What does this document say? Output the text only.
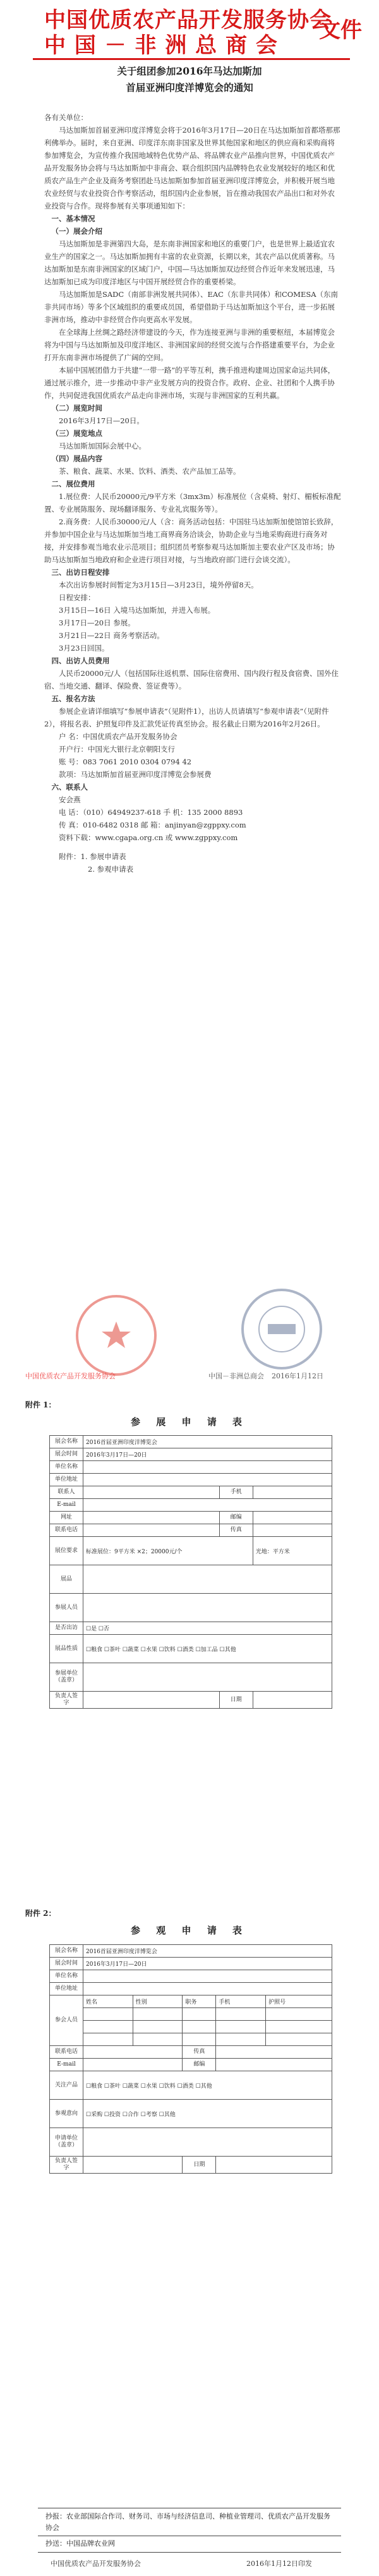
中国优质农产品开发服务协会
中 国 － 非 洲 总 商 会
文件
关于组团参加2016年马达加斯加
首届亚洲印度洋博览会的通知

各有关单位：

马达加斯加首届亚洲印度洋博览会将于2016年3月17日—20日在马达加斯加首都塔那那利佛举办。届时，来自亚洲、印度洋东南非国家及世界其他国家和地区的供应商和采购商将参加博览会，为宣传推介我国地域特色优势产品、将品牌农业产品推向世界，中国优质农产品开发服务协会将与马达加斯加中非商会、联合组织国内品牌特色农业发展较好的地区和优质农产品生产企业及商务考察团赴马达加斯加参加首届亚洲印度洋博览会，并积极开展当地农业经贸与农业投资合作考察活动，组织国内企业参展，旨在推动我国农产品出口和对外农业投资与合作。现将参展有关事项通知如下：

一、基本情况

（一）展会介绍

马达加斯加是非洲第四大岛，是东南非洲国家和地区的重要门户，也是世界上最适宜农业生产的国家之一。马达加斯加拥有丰富的农业资源，长期以来，其农产品以优质著称。马达加斯加是东南非洲国家的区域门户，中国—马达加斯加双边经贸合作近年来发展迅速，马达加斯加已成为印度洋地区与中国开展经贸合作的重要桥梁。

马达加斯加是SADC（南部非洲发展共同体）、EAC（东非共同体）和COMESA（东南非共同市场）等多个区域组织的重要成员国，希望借助于马达加斯加这个平台，进一步拓展非洲市场，推动中非经贸合作向更高水平发展。

在全球海上丝绸之路经济带建设的今天，作为连接亚洲与非洲的重要枢纽，本届博览会将为中国与马达加斯加及印度洋地区、非洲国家间的经贸交流与合作搭建重要平台，为企业打开东南非洲市场提供了广阔的空间。

本届中国展团借力于共建“一带一路”的平等互利，携手推进构建周边国家命运共同体，通过展示推介，进一步推动中非产业发展方向的投资合作。政府、企业、社团和个人携手协作，共同促进我国优质农产品走向非洲市场，实现与非洲国家的互利共赢。

（二）展览时间

2016年3月17日—20日。

（三）展览地点

马达加斯加国际会展中心。

（四）展品内容

茶、粮食、蔬菜、水果、饮料、酒类、农产品加工品等。

二、展位费用

1.展位费：人民币20000元/9平方米（3mx3m）标准展位（含桌椅、射灯、楣板标准配置、专业展陈服务、现场翻译服务、专业礼宾服务等）。

2.商务费：人民币30000元/人（含：商务活动包括：中国驻马达加斯加使馆馆长致辞，并参加中国企业与马达加斯加当地工商界商务洽谈会，协助企业与当地采购商进行商务对接，并安排参观当地农业示范项目；组织团员考察参观马达加斯加主要农业产区及市场；协助马达加斯加当地政府和企业进行项目对接，与当地政府部门进行会谈交流）。

三、出访日程安排

本次出访参展时间暂定为3月15日—3月23日，境外停留8天。

日程安排：

3月15日—16日 入境马达加斯加，并进入布展。

3月17日—20日 参展。

3月21日—22日 商务考察活动。

3月23日回国。

四、出访人员费用

人民币20000元/人（包括国际往返机票、国际住宿费用、国内段行程及食宿费、国外住宿、当地交通、翻译、保险费、签证费等）。

五、报名方法

参展企业请详细填写“参展申请表”（见附件1），出访人员请填写“参观申请表”（见附件2），将报名表、护照复印件及汇款凭证传真至协会。报名截止日期为2016年2月26日。

户 名：中国优质农产品开发服务协会

开户行：中国光大银行北京朝阳支行

账 号：083 7061 2010 0304 0794 42

款项：马达加斯加首届亚洲印度洋博览会参展费

六、联系人

安会燕

电 话：（010）64949237-618 手 机：135 2000 8893

传 真：010-6482 0318 邮 箱：anjinyan@zgppxy.com

资料下载：www.cgapa.org.cn 或 www.zgppxy.com

附件：1. 参展申请表

2. 参观申请表

中国优质农产品开发服务协会	中国－非洲总商会 2016年1月12日
附件 1：
参 展 申 请 表
展会名称	2016首届亚洲印度洋博览会		
展会时间	2016年3月17日—20日		
单位名称			
单位地址			
联系人		手机	
E-mail			
网址		邮编	
联系电话		传真	
展位要求	标准展位：9平方米 ×2；20000元/个		光地：平方米
展品			
参展人员			
是否出访	☐是 ☐否		
展品性质	☐粮食 ☐茶叶 ☐蔬菜 ☐水果 ☐饮料 ☐酒类 ☐加工品 ☐其他		
参展单位（盖章）			
负责人签字		日期	
附件 2：
参 观 申 请 表
展会名称	2016首届亚洲印度洋博览会				
展会时间	2016年3月17日—20日				
单位名称					
单位地址					
参会人员	姓名	性别	职务	手机	护照号

联系电话			传真		
E-mail			邮编		
关注产品	☐粮食 ☐茶叶 ☐蔬菜 ☐水果 ☐饮料 ☐酒类 ☐其他				
参观意向	☐采购 ☐投资 ☐合作 ☐考察 ☐其他				
申请单位（盖章）					
负责人签字			日期		
抄报：农业部国际合作司、财务司、市场与经济信息司、种植业管理司、优质农产品开发服务协会
抄送：中国品牌农业网
中国优质农产品开发服务协会	2016年1月12日印发
